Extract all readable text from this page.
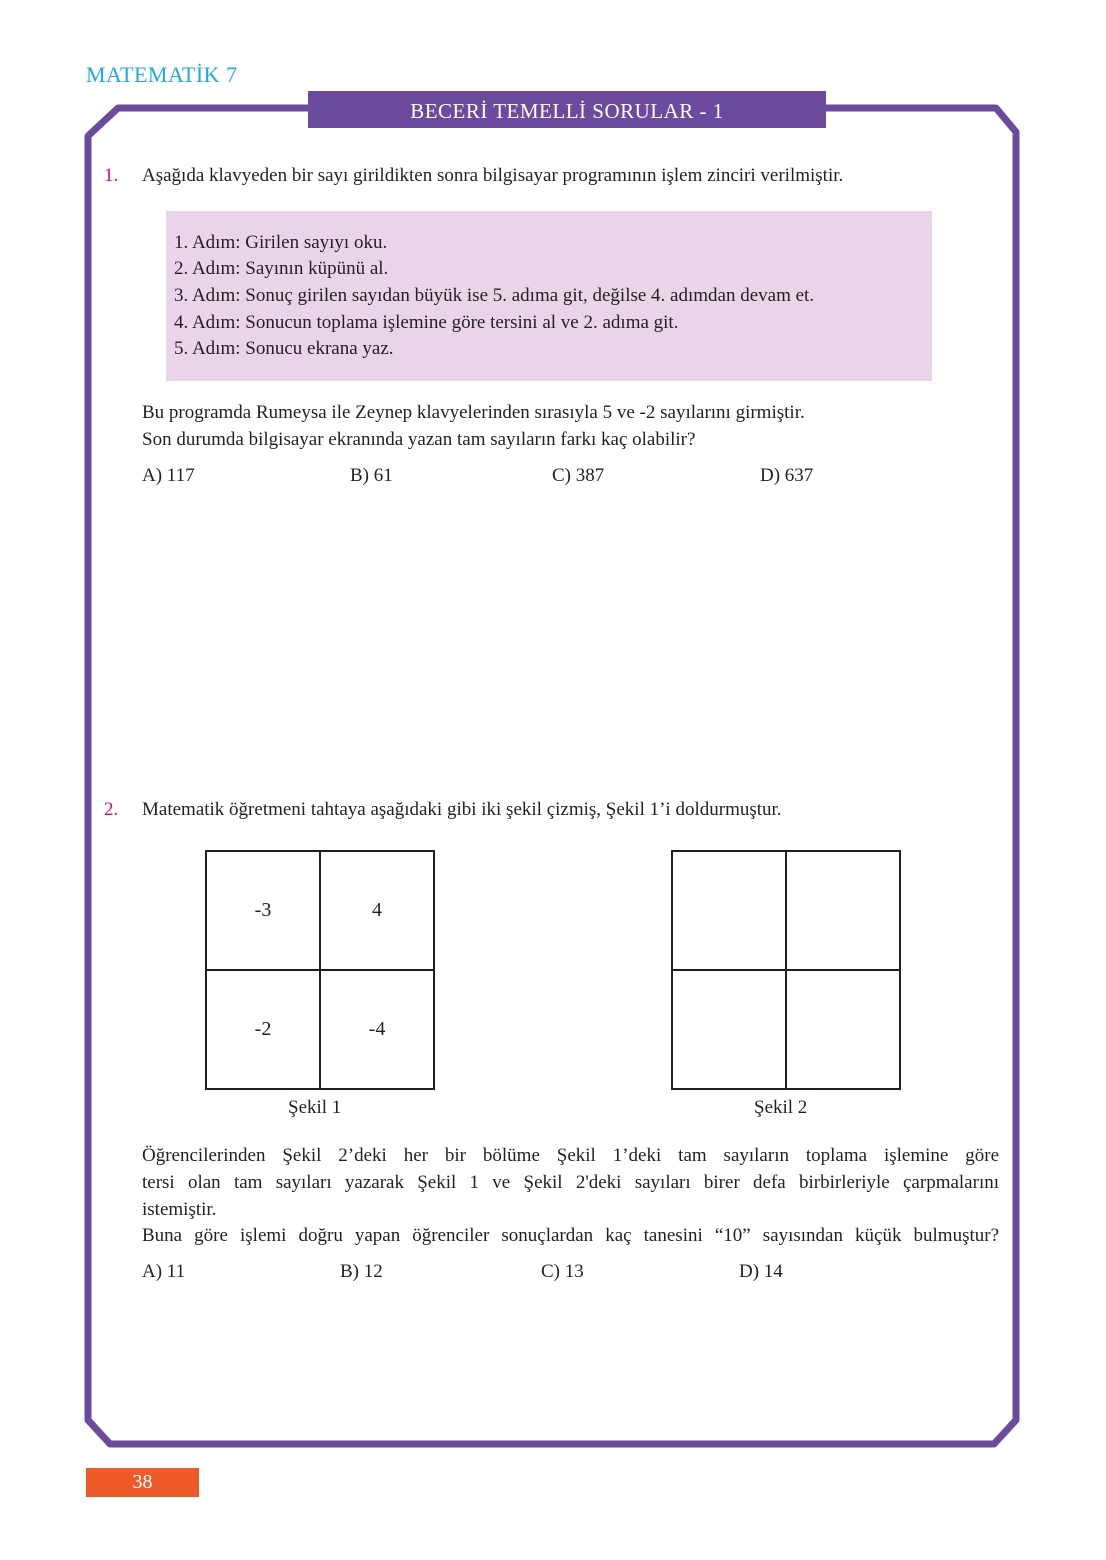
MATEMATİK 7
BECERİ TEMELLİ SORULAR - 1
1. Aşağıda klavyeden bir sayı girildikten sonra bilgisayar programının işlem zinciri verilmiştir.
1. Adım: Girilen sayıyı oku.
2. Adım: Sayının küpünü al.
3. Adım: Sonuç girilen sayıdan büyük ise 5. adıma git, değilse 4. adımdan devam et.
4. Adım: Sonucun toplama işlemine göre tersini al ve 2. adıma git.
5. Adım: Sonucu ekrana yaz.
Bu programda Rumeysa ile Zeynep klavyelerinden sırasıyla 5 ve -2 sayılarını girmiştir.
Son durumda bilgisayar ekranında yazan tam sayıların farkı kaç olabilir?
A) 117	B) 61	C) 387	D) 637
2. Matematik öğretmeni tahtaya aşağıdaki gibi iki şekil çizmiş, Şekil 1’i doldurmuştur.
-3	4
-2	-4
Şekil 1

		Şekil 2
Öğrencilerinden Şekil 2’deki her bir bölüme Şekil 1’deki tam sayıların toplama işlemine göre
tersi olan tam sayıları yazarak Şekil 1 ve Şekil 2'deki sayıları birer defa birbirleriyle çarpmalarını
istemiştir.
Buna göre işlemi doğru yapan öğrenciler sonuçlardan kaç tanesini “10” sayısından küçük bulmuştur?
A) 11	B) 12	C) 13	D) 14
38
